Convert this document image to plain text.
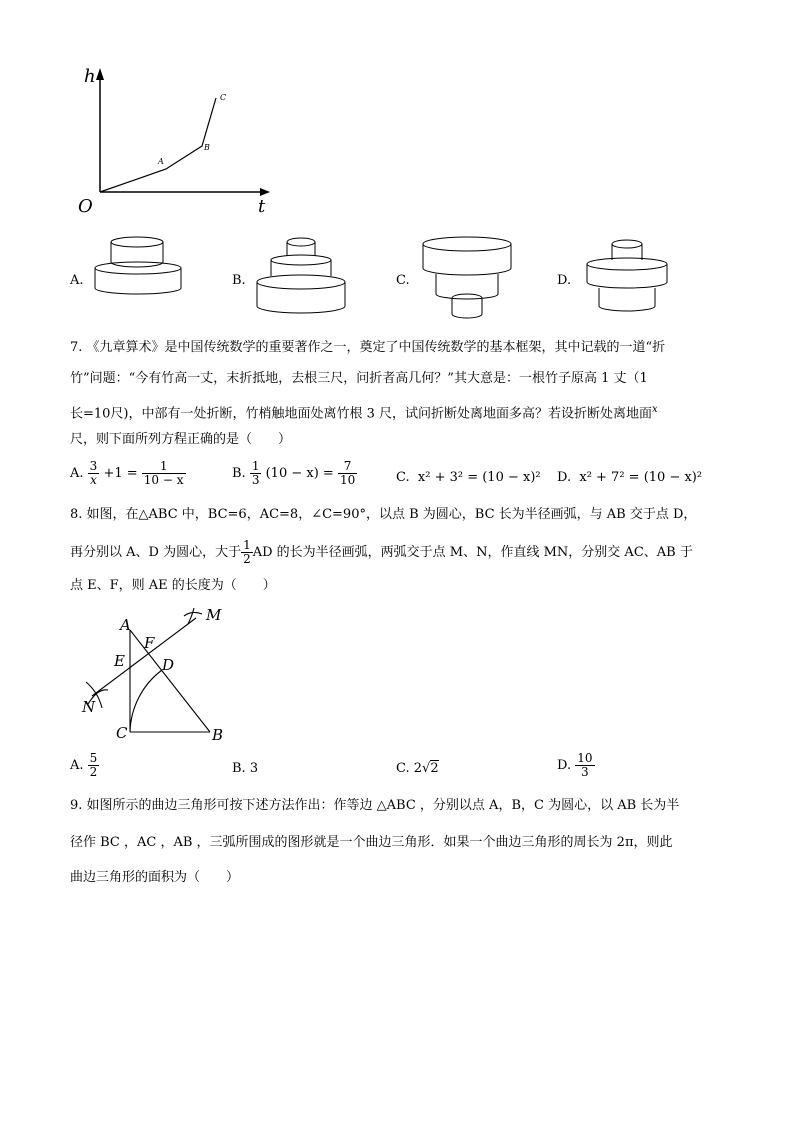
h
t
O
A
B
C
A.	B.	C.	D.
7. 《九章算术》是中国传统数学的重要著作之一，奠定了中国传统数学的基本框架，其中记载的一道“折
竹”问题：“今有竹高一丈，末折抵地，去根三尺，问折者高几何？”其大意是：一根竹子原高 1 丈（1
长=10尺)，中部有一处折断，竹梢触地面处离竹根 3 尺，试问折断处离地面多高？若设折断处离地面$^x$
尺，则下面所列方程正确的是（　　）
A. $\frac{3}{x} +1 = \frac{1}{10 - x}$	B. $\frac{1}{3} (10 - x) = \frac{7}{10}$	C. x² + 3² = (10 − x)² D. x² + 7² = (10 − x)²
8. 如图，在△ABC 中，BC=6，AC=8，∠C=90°，以点 B 为圆心，BC 长为半径画弧，与 AB 交于点 D，
再分别以 A、D 为圆心，大于 $\frac{1}{2}$ AD 的长为半径画弧，两弧交于点 M、N，作直线 MN，分别交 AC、AB 于
点 E、F，则 AE 的长度为（　　）
A
B
C
D
E
F
M
N
A. $\frac{5}{2}$	B. 3	C. 2√2	D. $\frac{10}{3}$
9. 如图所示的曲边三角形可按下述方法作出：作等边 △ABC ，分别以点 A，B，C 为圆心，以 AB 长为半
径作 BC ，AC ，AB ，三弧所围成的图形就是一个曲边三角形．如果一个曲边三角形的周长为 2π，则此
曲边三角形的面积为（　　）
